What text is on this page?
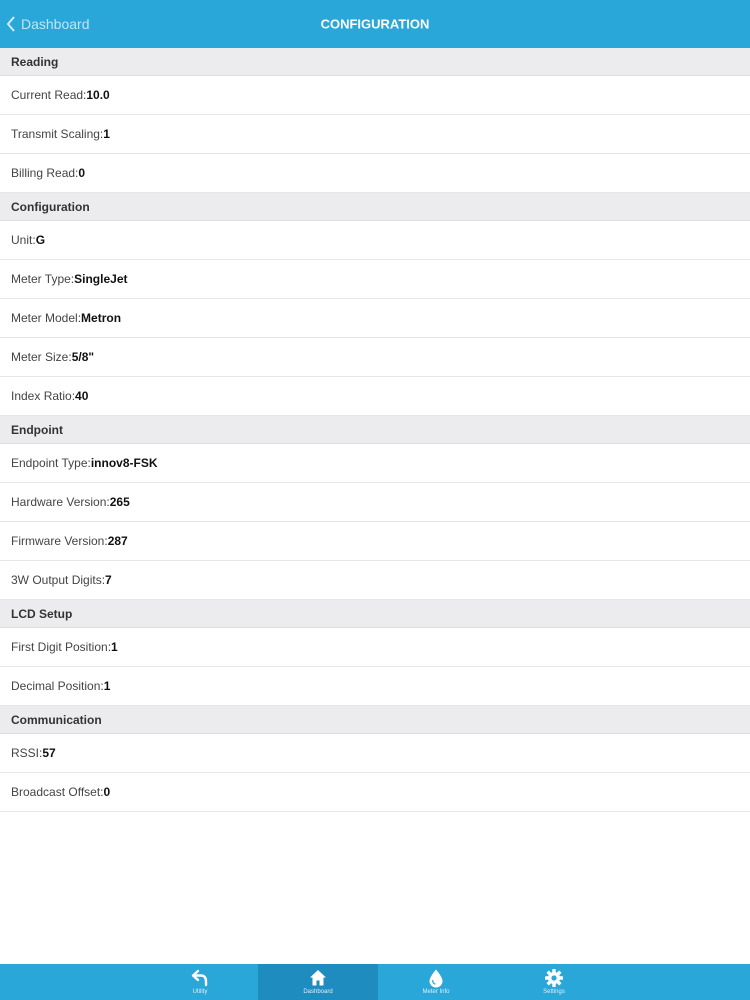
Dashboard	CONFIGURATION
Reading
Current Read: 10.0
Transmit Scaling: 1
Billing Read: 0
Configuration
Unit: G
Meter Type: SingleJet
Meter Model: Metron
Meter Size: 5/8"
Index Ratio: 40
Endpoint
Endpoint Type: innov8-FSK
Hardware Version: 265
Firmware Version: 287
3W Output Digits: 7
LCD Setup
First Digit Position: 1
Decimal Position: 1
Communication
RSSI: 57
Broadcast Offset: 0
Utility	Dashboard	Meter Info	Settings
